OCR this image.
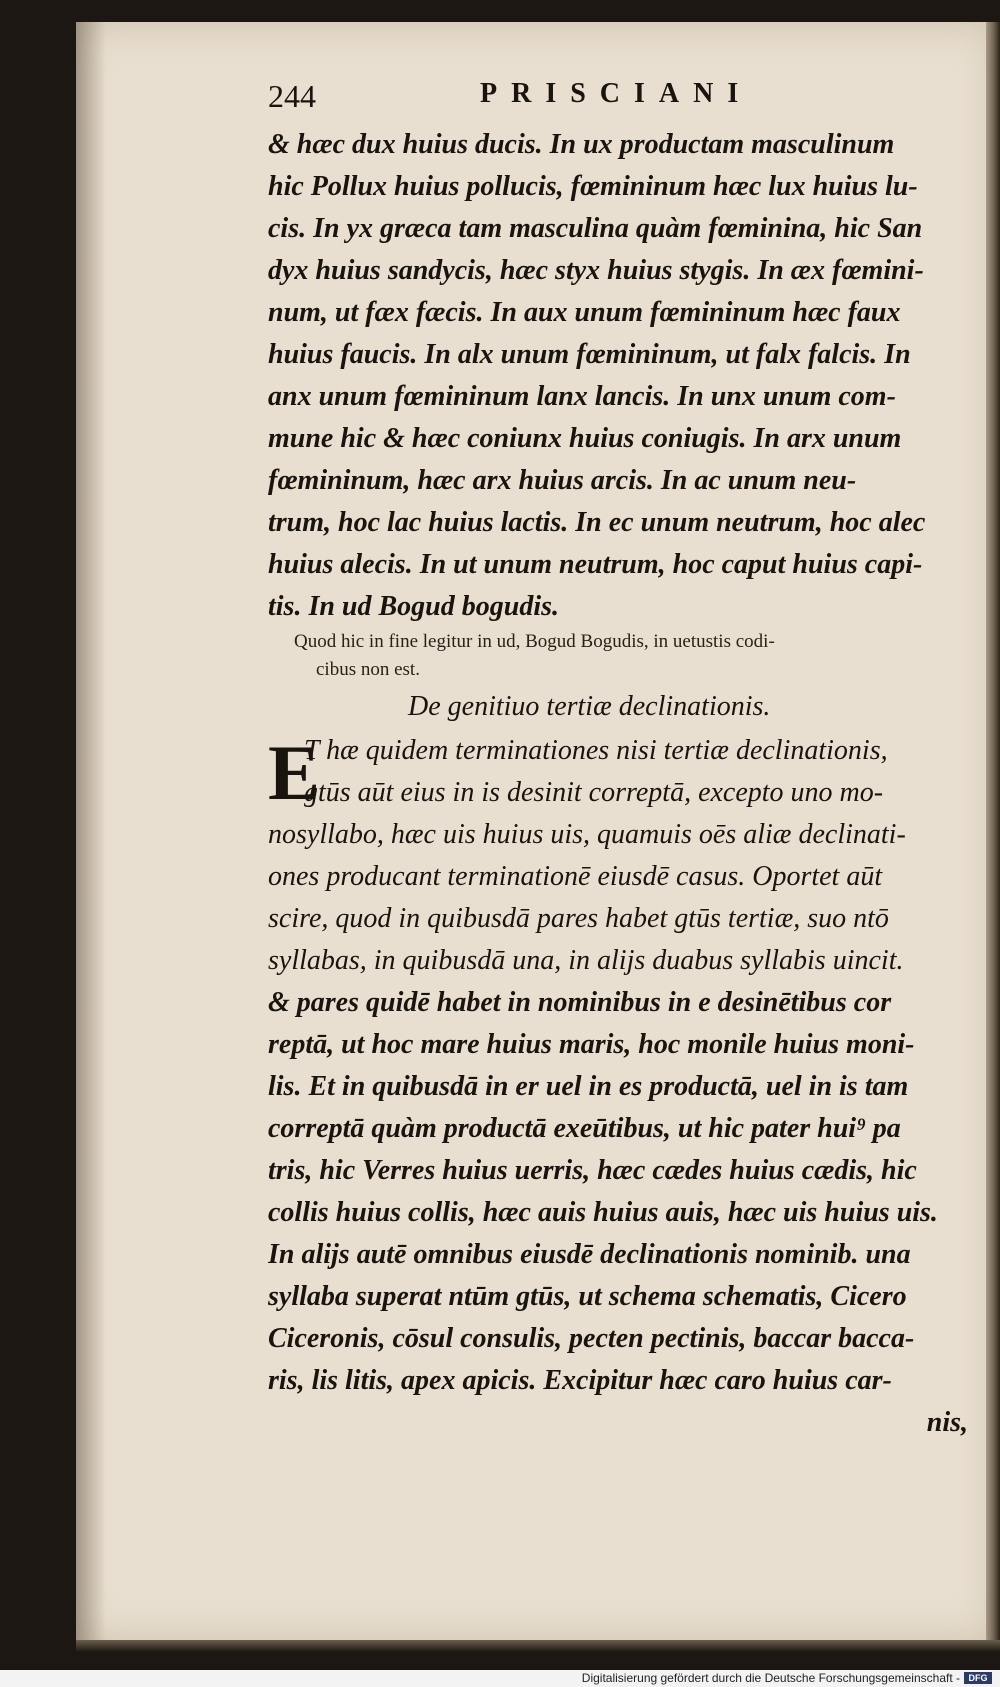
244	PRISCIANI
& hæc dux huius ducis. In ux productam masculinum
hic Pollux huius pollucis, fœmininum hæc lux huius lu-
cis. In yx græca tam masculina quàm fœminina, hic San
dyx huius sandycis, hæc styx huius stygis. In æx fœmini-
num, ut fæx fæcis. In aux unum fœmininum hæc faux
huius faucis. In alx unum fœmininum, ut falx falcis. In
anx unum fœmininum lanx lancis. In unx unum com-
mune hic & hæc coniunx huius coniugis. In arx unum
fœmininum, hæc arx huius arcis. In ac unum neu-
trum, hoc lac huius lactis. In ec unum neutrum, hoc alec
huius alecis. In ut unum neutrum, hoc caput huius capi-
tis. In ud Bogud bogudis.
Quod hic in fine legitur in ud, Bogud Bogudis, in uetustis codi-
cibus non est.
De genitiuo tertiæ declinationis.
E
T hæ quidem terminationes nisi tertiæ declinationis,
gtūs aūt eius in is desinit correptā, excepto uno mo-
nosyllabo, hæc uis huius uis, quamuis oēs aliæ declinati-
ones producant terminationē eiusdē casus. Oportet aūt
scire, quod in quibusdā pares habet gtūs tertiæ, suo ntō
syllabas, in quibusdā una, in alijs duabus syllabis uincit.
& pares quidē habet in nominibus in e desinētibus cor
reptā, ut hoc mare huius maris, hoc monile huius moni-
lis. Et in quibusdā in er uel in es productā, uel in is tam
correptā quàm productā exeūtibus, ut hic pater hui⁹ pa
tris, hic Verres huius uerris, hæc cædes huius cædis, hic
collis huius collis, hæc auis huius auis, hæc uis huius uis.
In alijs autē omnibus eiusdē declinationis nominib. una
syllaba superat ntūm gtūs, ut schema schematis, Cicero
Ciceronis, cōsul consulis, pecten pectinis, baccar bacca-
ris, lis litis, apex apicis. Excipitur hæc caro huius car-
nis,
Digitalisierung gefördert durch die Deutsche Forschungsgemeinschaft - DFG
